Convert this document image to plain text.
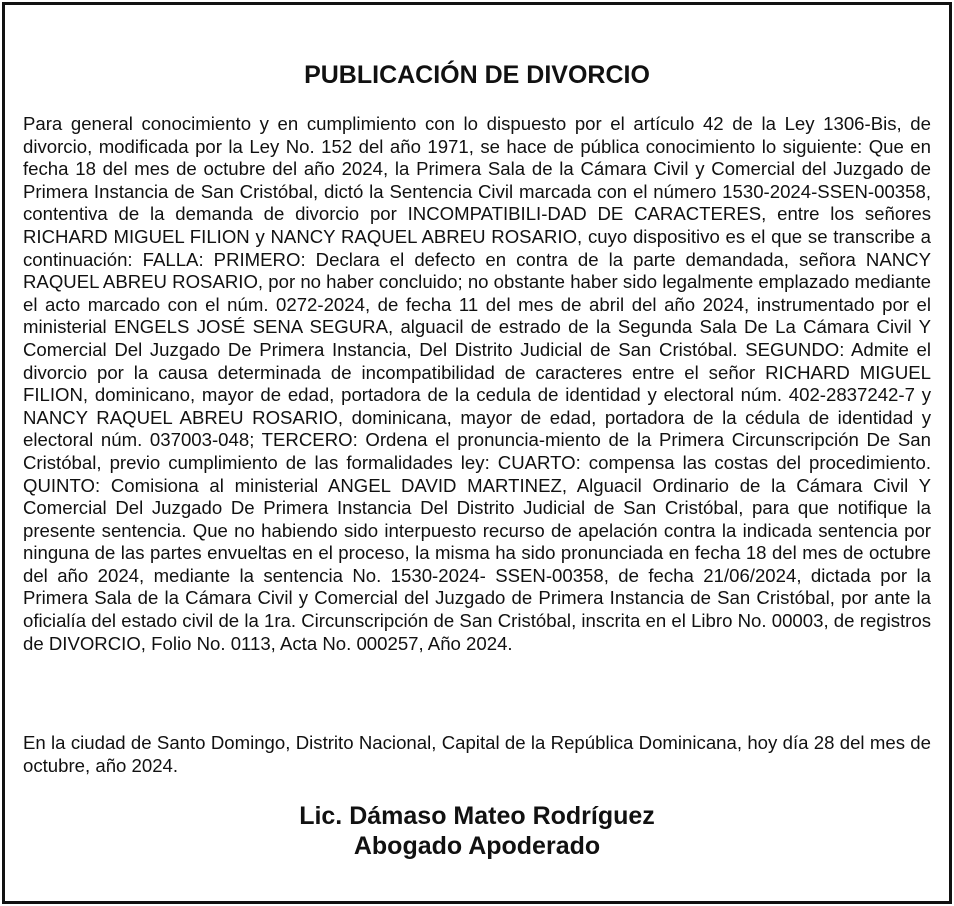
PUBLICACIÓN DE DIVORCIO

Para general conocimiento y en cumplimiento con lo dispuesto por el artículo 42 de la Ley 1306-Bis, de divorcio, modificada por la Ley No. 152 del año 1971, se hace de pública conocimiento lo siguiente: Que en fecha 18 del mes de octubre del año 2024, la Primera Sala de la Cámara Civil y Comercial del Juzgado de Primera Instancia de San Cristóbal, dictó la Sentencia Civil marcada con el número 1530-2024-SSEN-00358, contentiva de la demanda de divorcio por INCOMPATIBILI-DAD DE CARACTERES, entre los señores RICHARD MIGUEL FILION y NANCY RAQUEL ABREU ROSARIO, cuyo dispositivo es el que se transcribe a continuación: FALLA: PRIMERO: Declara el defecto en contra de la parte demandada, señora NANCY RAQUEL ABREU ROSARIO, por no haber concluido; no obstante haber sido legalmente emplazado mediante el acto marcado con el núm. 0272-2024, de fecha 11 del mes de abril del año 2024, instrumentado por el ministerial ENGELS JOSÉ SENA SEGURA, alguacil de estrado de la Segunda Sala De La Cámara Civil Y Comercial Del Juzgado De Primera Instancia, Del Distrito Judicial de San Cristóbal. SEGUNDO: Admite el divorcio por la causa determinada de incompatibilidad de caracteres entre el señor RICHARD MIGUEL FILION, dominicano, mayor de edad, portadora de la cedula de identidad y electoral núm. 402-2837242-7 y NANCY RAQUEL ABREU ROSARIO, dominicana, mayor de edad, portadora de la cédula de identidad y electoral núm. 037003-048; TERCERO: Ordena el pronuncia-miento de la Primera Circunscripción De San Cristóbal, previo cumplimiento de las formalidades ley: CUARTO: compensa las costas del procedimiento. QUINTO: Comisiona al ministerial ANGEL DAVID MARTINEZ, Alguacil Ordinario de la Cámara Civil Y Comercial Del Juzgado De Primera Instancia Del Distrito Judicial de San Cristóbal, para que notifique la presente sentencia. Que no habiendo sido interpuesto recurso de apelación contra la indicada sentencia por ninguna de las partes envueltas en el proceso, la misma ha sido pronunciada en fecha 18 del mes de octubre del año 2024, mediante la sentencia No. 1530-2024- SSEN-00358, de fecha 21/06/2024, dictada por la Primera Sala de la Cámara Civil y Comercial del Juzgado de Primera Instancia de San Cristóbal, por ante la oficialía del estado civil de la 1ra. Circunscripción de San Cristóbal, inscrita en el Libro No. 00003, de registros de DIVORCIO, Folio No. 0113, Acta No. 000257, Año 2024.

En la ciudad de Santo Domingo, Distrito Nacional, Capital de la República Dominicana, hoy día 28 del mes de octubre, año 2024.

Lic. Dámaso Mateo Rodríguez
Abogado Apoderado
